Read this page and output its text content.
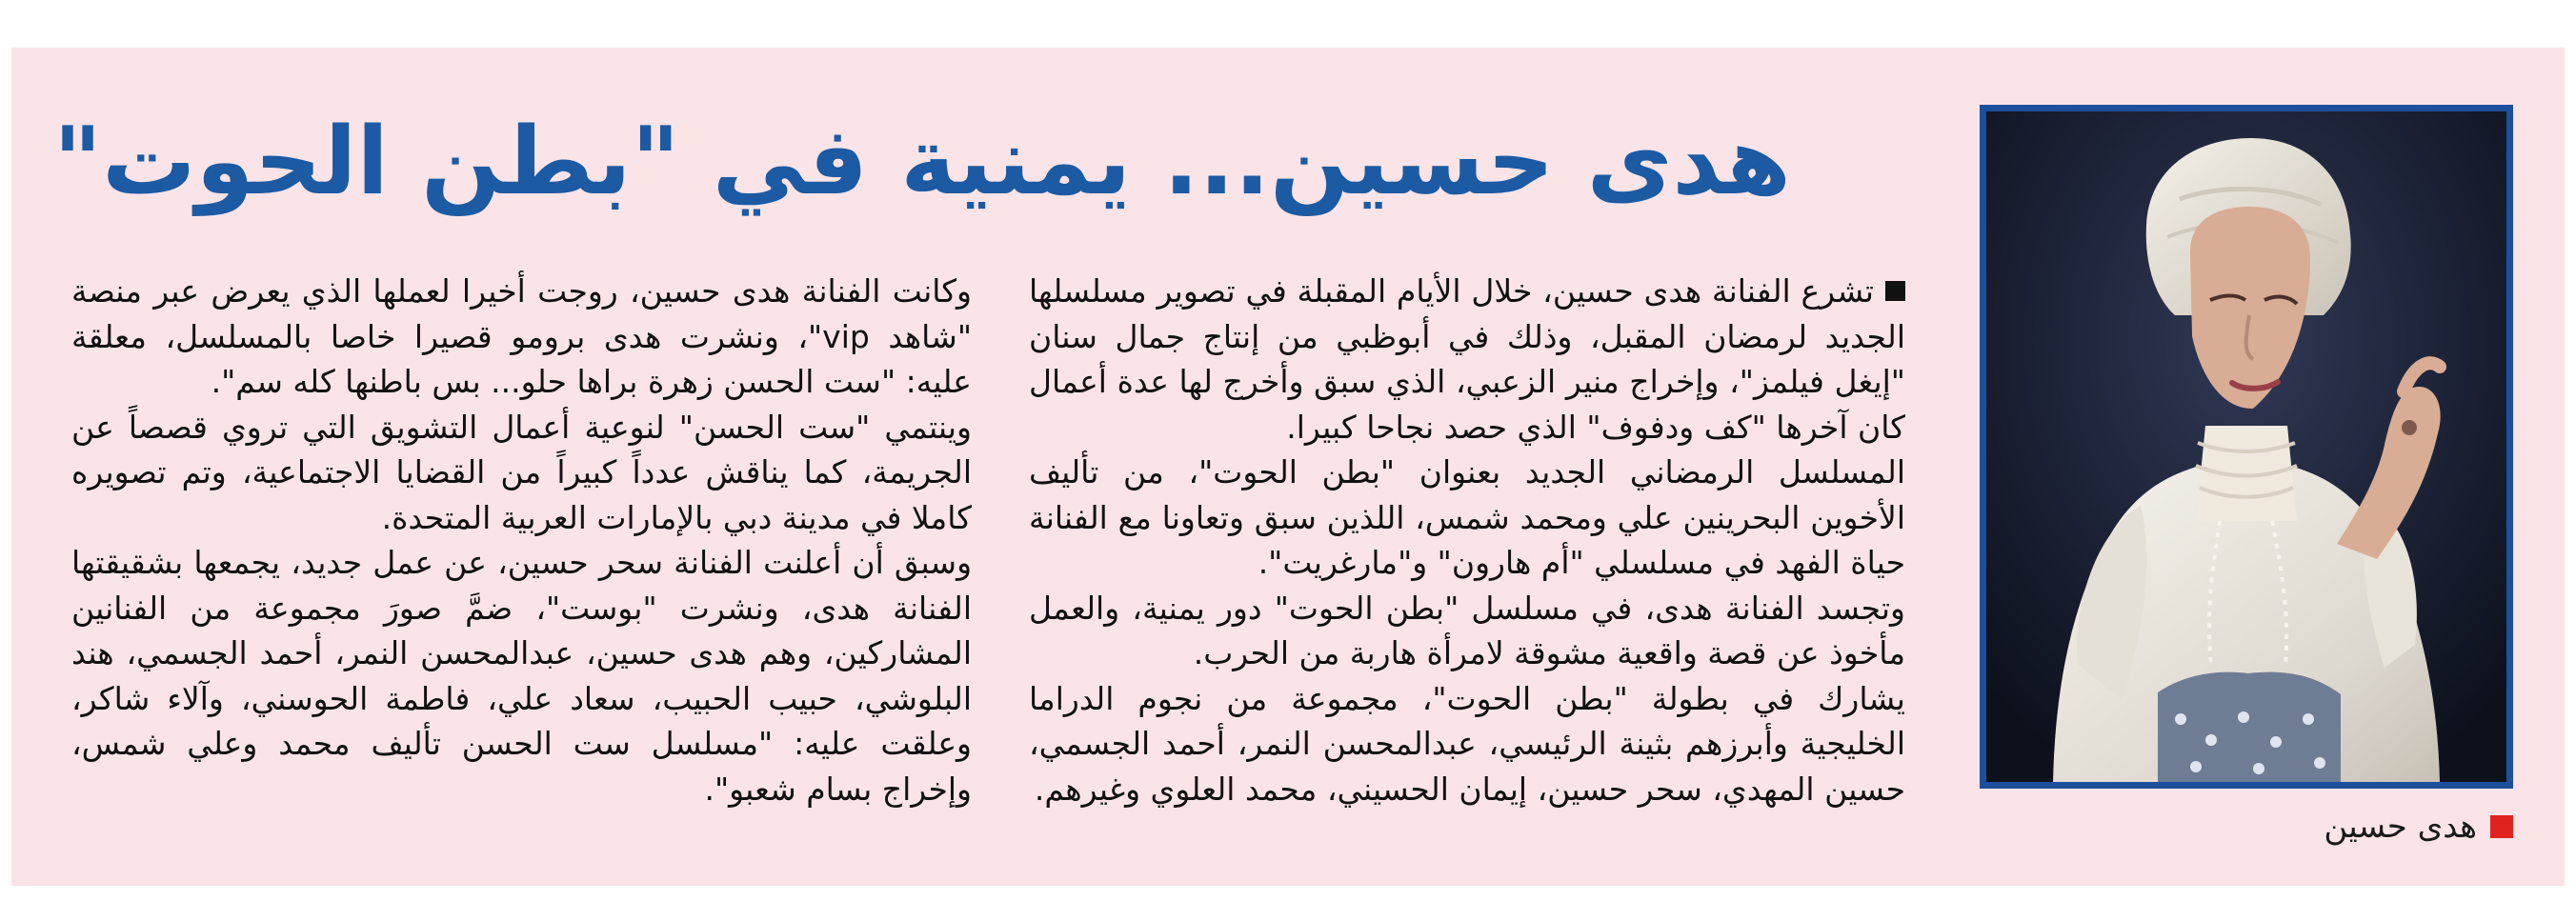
هدى حسين... يمنية في "بطن الحوت"
هدى حسين

تشرع الفنانة هدى حسين، خلال الأيام المقبلة في تصوير مسلسلها الجديد لرمضان المقبل، وذلك في أبوظبي من إنتاج جمال سنان "إيغل فيلمز"، وإخراج منير الزعبي، الذي سبق وأخرج لها عدة أعمال كان آخرها "كف ودفوف" الذي حصد نجاحا كبيرا.

المسلسل الرمضاني الجديد بعنوان "بطن الحوت"، من تأليف الأخوين البحرينين علي ومحمد شمس، اللذين سبق وتعاونا مع الفنانة حياة الفهد في مسلسلي "أم هارون" و"مارغريت".

وتجسد الفنانة هدى، في مسلسل "بطن الحوت" دور يمنية، والعمل مأخوذ عن قصة واقعية مشوقة لامرأة هاربة من الحرب.

يشارك في بطولة "بطن الحوت"، مجموعة من نجوم الدراما الخليجية وأبرزهم بثينة الرئيسي، عبدالمحسن النمر، أحمد الجسمي، حسين المهدي، سحر حسين، إيمان الحسيني، محمد العلوي وغيرهم.

وكانت الفنانة هدى حسين، روجت أخيرا لعملها الذي يعرض عبر منصة "شاهد vip"، ونشرت هدى برومو قصيرا خاصا بالمسلسل، معلقة عليه: "ست الحسن زهرة براها حلو... بس باطنها كله سم".

وينتمي "ست الحسن" لنوعية أعمال التشويق التي تروي قصصاً عن الجريمة، كما يناقش عدداً كبيراً من القضايا الاجتماعية، وتم تصويره كاملا في مدينة دبي بالإمارات العربية المتحدة.

وسبق أن أعلنت الفنانة سحر حسين، عن عمل جديد، يجمعها بشقيقتها الفنانة هدى، ونشرت "بوست"، ضمَّ صورَ مجموعة من الفنانين المشاركين، وهم هدى حسين، عبدالمحسن النمر، أحمد الجسمي، هند البلوشي، حبيب الحبيب، سعاد علي، فاطمة الحوسني، وآلاء شاكر، وعلقت عليه: "مسلسل ست الحسن تأليف محمد وعلي شمس، وإخراج بسام شعبو".
